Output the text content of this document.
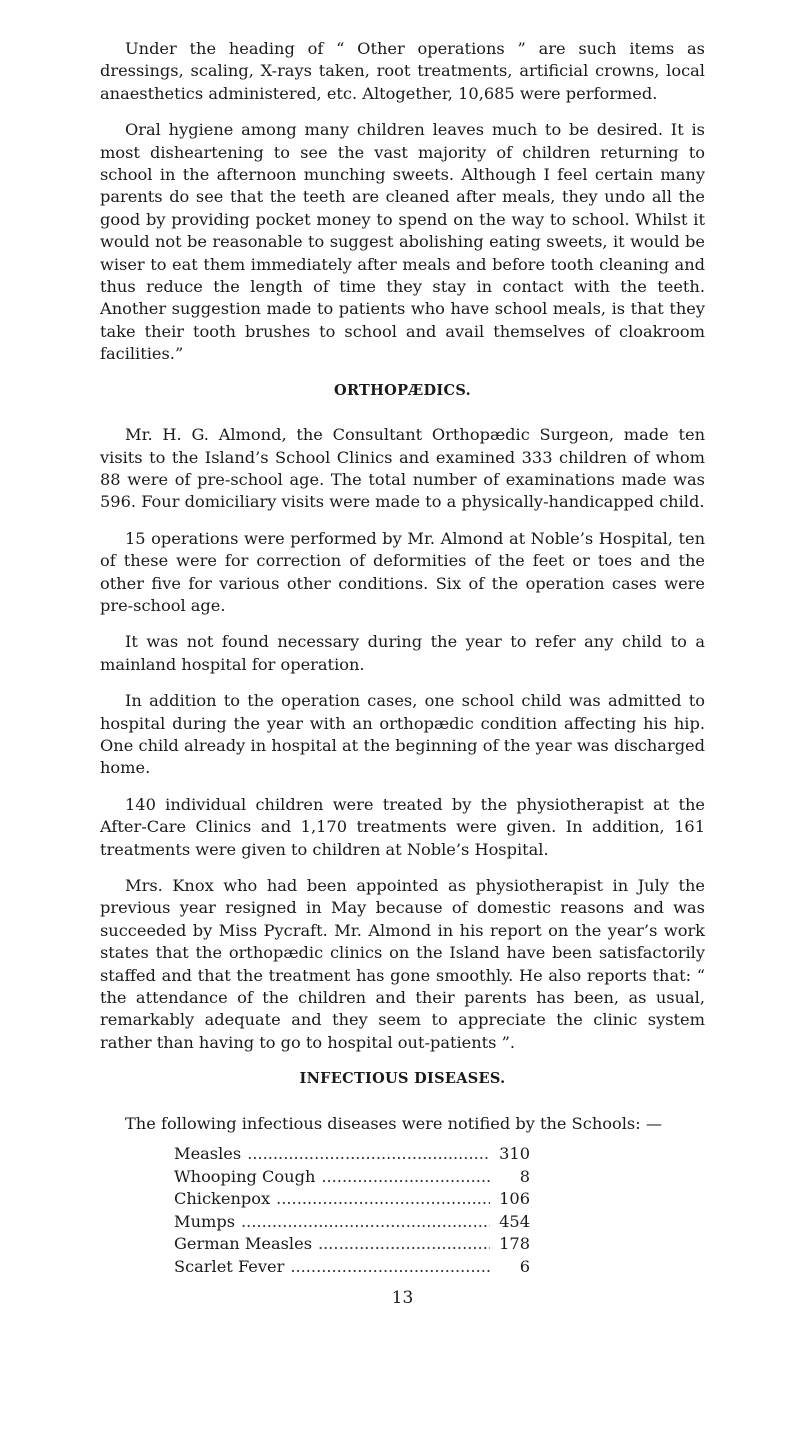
Under the heading of “ Other operations ” are such items as dressings, scaling, X-rays taken, root treatments, artificial crowns, local anaesthetics administered, etc. Altogether, 10,685 were performed.

Oral hygiene among many children leaves much to be desired. It is most disheartening to see the vast majority of children returning to school in the afternoon munching sweets. Although I feel certain many parents do see that the teeth are cleaned after meals, they undo all the good by providing pocket money to spend on the way to school. Whilst it would not be reasonable to suggest abolishing eating sweets, it would be wiser to eat them immediately after meals and before tooth cleaning and thus reduce the length of time they stay in contact with the teeth. Another suggestion made to patients who have school meals, is that they take their tooth brushes to school and avail themselves of cloakroom facilities.”

ORTHOPÆDICS.

Mr. H. G. Almond, the Consultant Orthopædic Surgeon, made ten visits to the Island’s School Clinics and examined 333 children of whom 88 were of pre-school age. The total number of examinations made was 596. Four domiciliary visits were made to a physically-handicapped child.

15 operations were performed by Mr. Almond at Noble’s Hospital, ten of these were for correction of deformities of the feet or toes and the other five for various other conditions. Six of the operation cases were pre-school age.

It was not found necessary during the year to refer any child to a mainland hospital for operation.

In addition to the operation cases, one school child was admitted to hospital during the year with an orthopædic condition affecting his hip. One child already in hospital at the beginning of the year was discharged home.

140 individual children were treated by the physiotherapist at the After-Care Clinics and 1,170 treatments were given. In addition, 161 treatments were given to children at Noble’s Hospital.

Mrs. Knox who had been appointed as physiotherapist in July the previous year resigned in May because of domestic reasons and was succeeded by Miss Pycraft. Mr. Almond in his report on the year’s work states that the orthopædic clinics on the Island have been satisfactorily staffed and that the treatment has gone smoothly. He also reports that: “ the attendance of the children and their parents has been, as usual, remarkably adequate and they seem to appreciate the clinic system rather than having to go to hospital out-patients ”.

INFECTIOUS DISEASES.

The following infectious diseases were notified by the Schools: —

Measles .....	310
Whooping Cough .....	8
Chickenpox .....	106
Mumps .....	454
German Measles .....	178
Scarlet Fever .....	6
13
